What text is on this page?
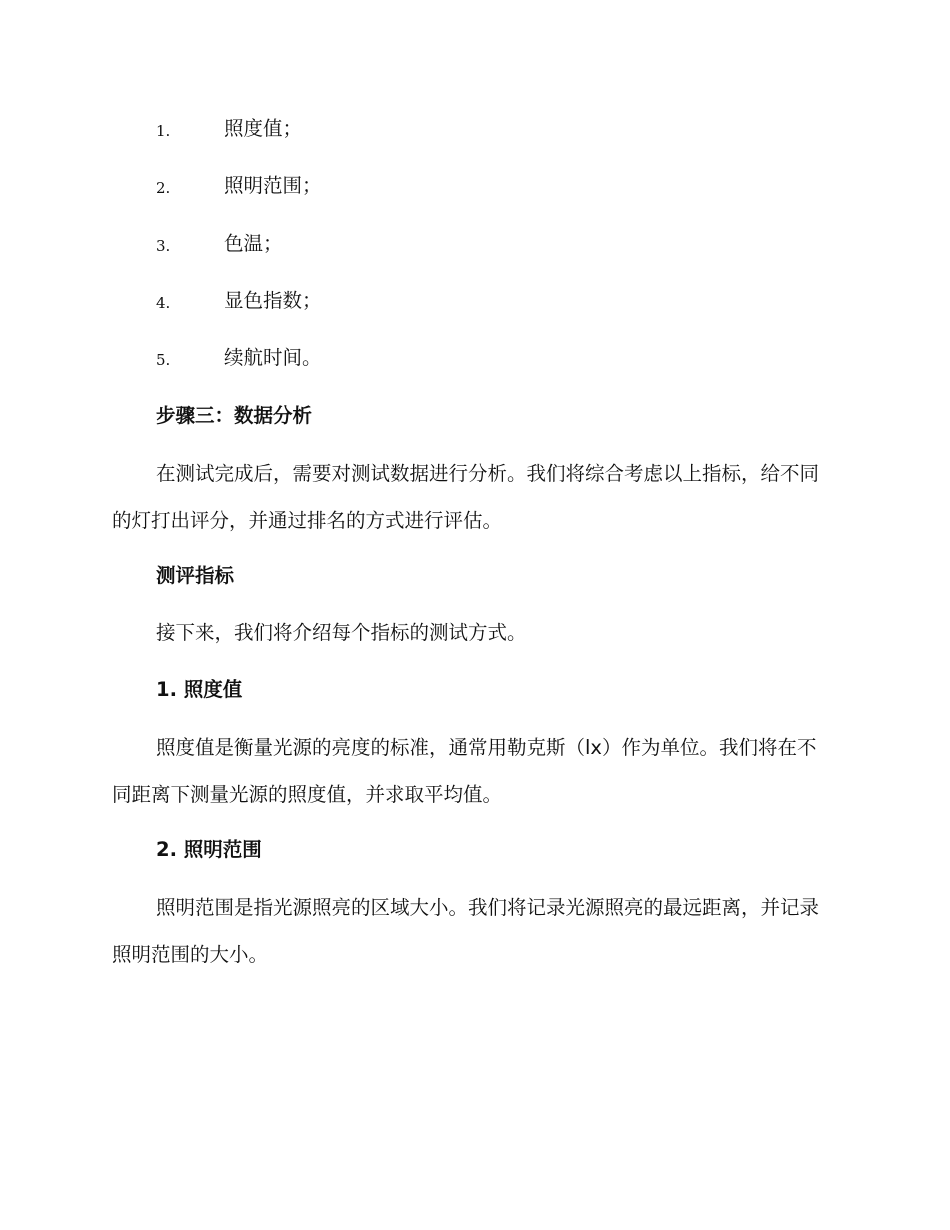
1.	照度值；
2.	照明范围；
3.	色温；
4.	显色指数；
5.	续航时间。
步骤三：数据分析
在测试完成后，需要对测试数据进行分析。我们将综合考虑以上指标，给不同的灯打出评分，并通过排名的方式进行评估。
测评指标
接下来，我们将介绍每个指标的测试方式。
1. 照度值
照度值是衡量光源的亮度的标准，通常用勒克斯（lx）作为单位。我们将在不同距离下测量光源的照度值，并求取平均值。
2. 照明范围
照明范围是指光源照亮的区域大小。我们将记录光源照亮的最远距离，并记录照明范围的大小。
